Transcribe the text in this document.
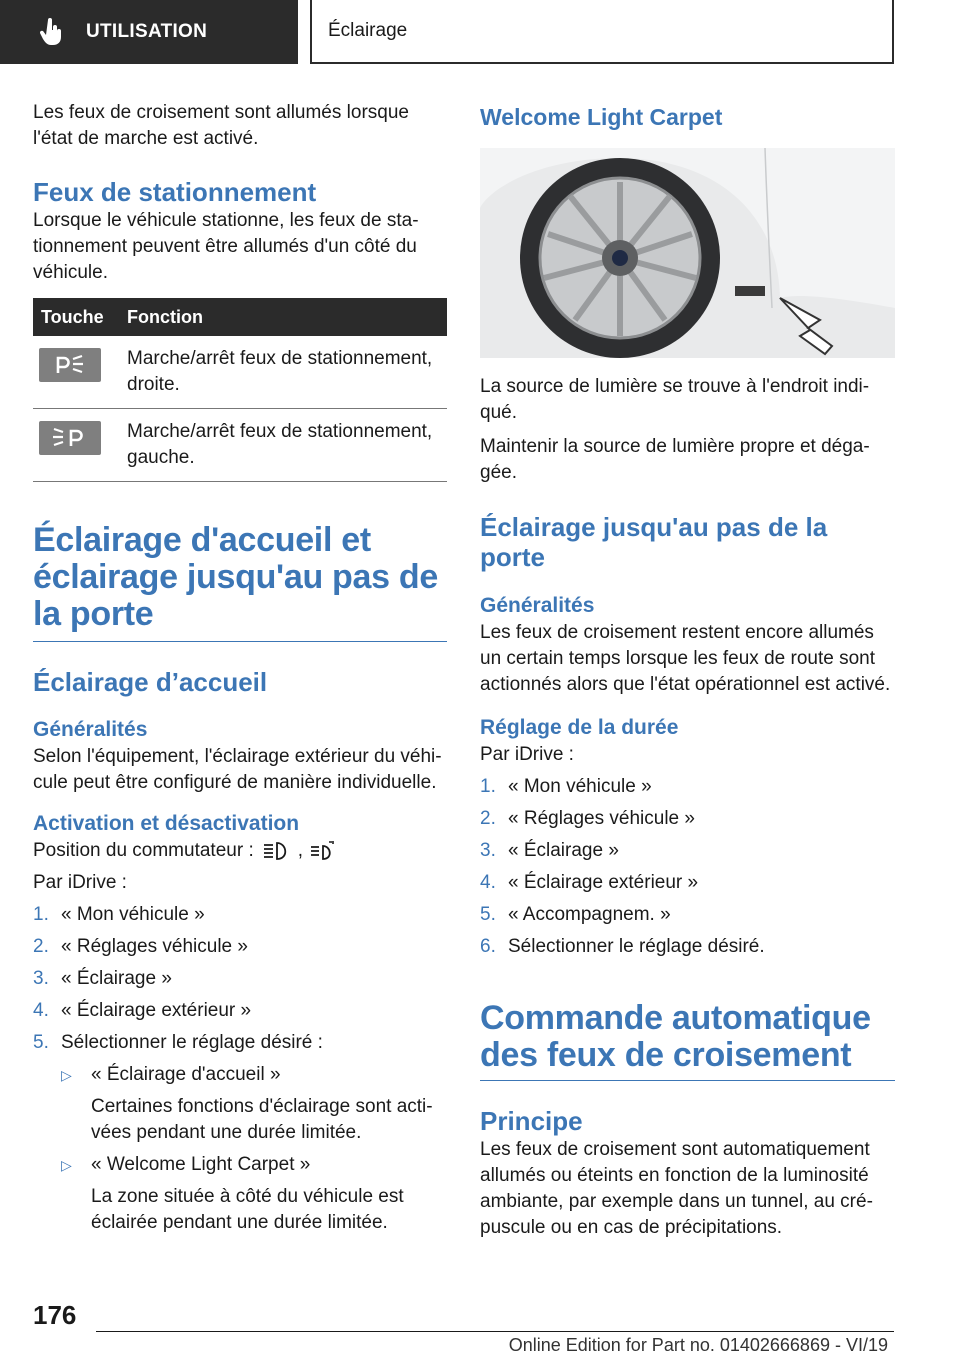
UTILISATION	Éclairage

Les feux de croisement sont allumés lorsque l'état de marche est activé.

Feux de stationnement

Lorsque le véhicule stationne, les feux de stationnement peuvent être allumés d'un côté du véhicule.

Touche	Fonction

	Marche/arrêt feux de stationnement, droite.

	Marche/arrêt feux de stationnement, gauche.
Éclairage d'accueil et éclairage jusqu'au pas de la porte
Éclairage d’accueil
Généralités

Selon l'équipement, l'éclairage extérieur du véhicule peut être configuré de manière individuelle.

Activation et désactivation

Position du commutateur : ,

Par iDrive :

1. « Mon véhicule »
2. « Réglages véhicule »
3. « Éclairage »
4. « Éclairage extérieur »
5. Sélectionner le réglage désiré :
▷	« Éclairage d'accueil »

Certaines fonctions d'éclairage sont activées pendant une durée limitée.
▷	« Welcome Light Carpet »

La zone située à côté du véhicule est éclairée pendant une durée limitée.
Welcome Light Carpet

La source de lumière se trouve à l'endroit indiqué.

Maintenir la source de lumière propre et dégagée.

Éclairage jusqu'au pas de la porte
Généralités

Les feux de croisement restent encore allumés un certain temps lorsque les feux de route sont actionnés alors que l'état opérationnel est activé.

Réglage de la durée

Par iDrive :

1. « Mon véhicule »
2. « Réglages véhicule »
3. « Éclairage »
4. « Éclairage extérieur »
5. « Accompagnem. »
6. Sélectionner le réglage désiré.
Commande automatique des feux de croisement
Principe

Les feux de croisement sont automatiquement allumés ou éteints en fonction de la luminosité ambiante, par exemple dans un tunnel, au crépuscule ou en cas de précipitations.

176
Online Edition for Part no. 01402666869 - VI/19
